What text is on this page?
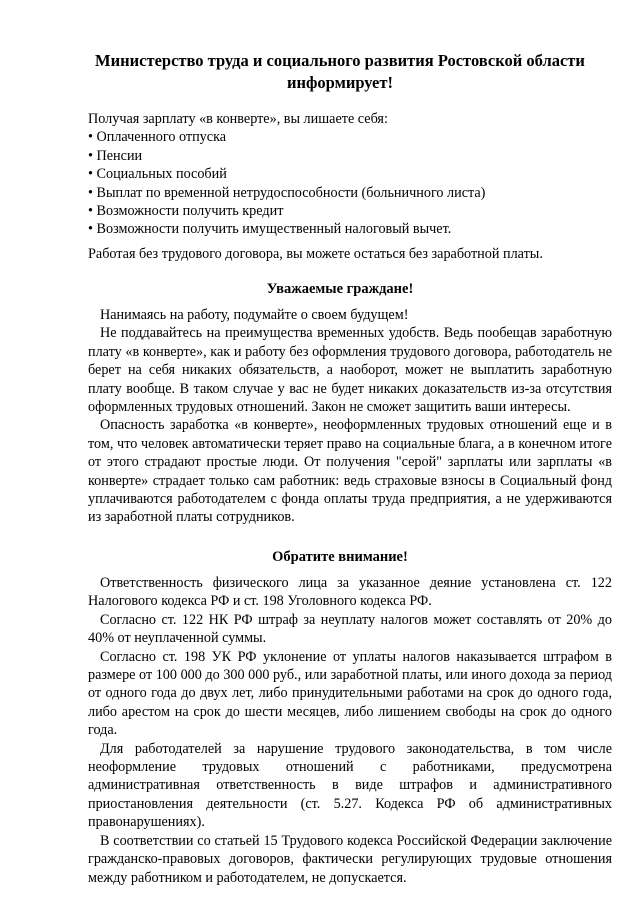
Министерство труда и социального развития Ростовской области информирует!

Получая зарплату «в конверте», вы лишаете себя:

• Оплаченного отпуска
• Пенсии
• Социальных пособий
• Выплат по временной нетрудоспособности (больничного листа)
• Возможности получить кредит
• Возможности получить имущественный налоговый вычет.

Работая без трудового договора, вы можете остаться без заработной платы.

Уважаемые граждане!

Нанимаясь на работу, подумайте о своем будущем!

Не поддавайтесь на преимущества временных удобств. Ведь пообещав заработную плату «в конверте», как и работу без оформления трудового договора, работодатель не берет на себя никаких обязательств, а наоборот, может не выплатить заработную плату вообще. В таком случае у вас не будет никаких доказательств из-за отсутствия оформленных трудовых отношений. Закон не сможет защитить ваши интересы.

Опасность заработка «в конверте», неоформленных трудовых отношений еще и в том, что человек автоматически теряет право на социальные блага, а в конечном итоге от этого страдают простые люди. От получения "серой" зарплаты или зарплаты «в конверте» страдает только сам работник: ведь страховые взносы в Социальный фонд уплачиваются работодателем с фонда оплаты труда предприятия, а не удерживаются из заработной платы сотрудников.

Обратите внимание!

Ответственность физического лица за указанное деяние установлена ст. 122 Налогового кодекса РФ и ст. 198 Уголовного кодекса РФ.

Согласно ст. 122 НК РФ штраф за неуплату налогов может составлять от 20% до 40% от неуплаченной суммы.

Согласно ст. 198 УК РФ уклонение от уплаты налогов наказывается штрафом в размере от 100 000 до 300 000 руб., или заработной платы, или иного дохода за период от одного года до двух лет, либо принудительными работами на срок до одного года, либо арестом на срок до шести месяцев, либо лишением свободы на срок до одного года.

Для работодателей за нарушение трудового законодательства, в том числе неоформление трудовых отношений с работниками, предусмотрена административная ответственность в виде штрафов и административного приостановления деятельности (ст. 5.27. Кодекса РФ об административных правонарушениях).

В соответствии со статьей 15 Трудового кодекса Российской Федерации заключение гражданско-правовых договоров, фактически регулирующих трудовые отношения между работником и работодателем, не допускается.
